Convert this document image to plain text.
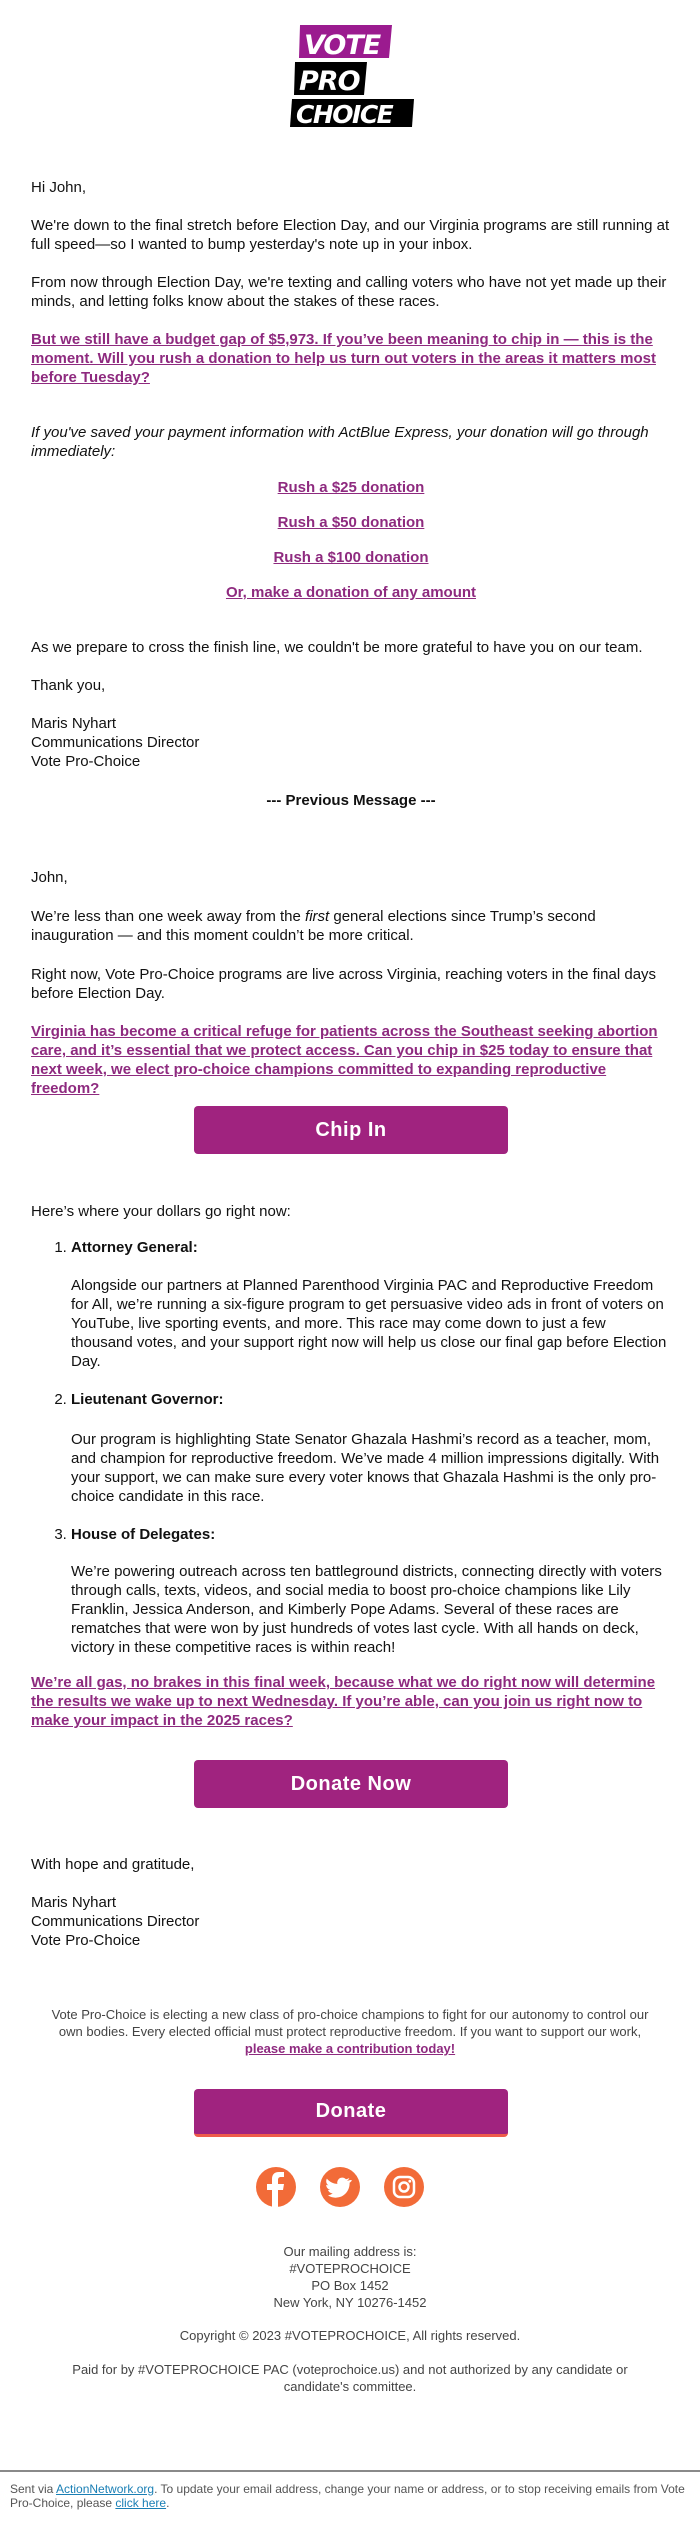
VOTE
PRO
CHOICE

Hi John,

We're down to the final stretch before Election Day, and our Virginia programs are still running at full speed—so I wanted to bump yesterday's note up in your inbox.

From now through Election Day, we're texting and calling voters who have not yet made up their minds, and letting folks know about the stakes of these races.

But we still have a budget gap of $5,973. If you’ve been meaning to chip in — this is the moment. Will you rush a donation to help us turn out voters in the areas it matters most before Tuesday?

If you've saved your payment information with ActBlue Express, your donation will go through immediately:

Rush a $25 donation

Rush a $50 donation

Rush a $100 donation

Or, make a donation of any amount

As we prepare to cross the finish line, we couldn't be more grateful to have you on our team.

Thank you,

Maris Nyhart

Communications Director

Vote Pro-Choice

--- Previous Message ---

John,

We’re less than one week away from the first general elections since Trump’s second inauguration — and this moment couldn’t be more critical.

Right now, Vote Pro-Choice programs are live across Virginia, reaching voters in the final days before Election Day.

Virginia has become a critical refuge for patients across the Southeast seeking abortion care, and it’s essential that we protect access. Can you chip in $25 today to ensure that next week, we elect pro-choice champions committed to expanding reproductive freedom?

Chip In

Here’s where your dollars go right now:

1. Attorney General:

Alongside our partners at Planned Parenthood Virginia PAC and Reproductive Freedom for All, we’re running a six-figure program to get persuasive video ads in front of voters on YouTube, live sporting events, and more. This race may come down to just a few thousand votes, and your support right now will help us close our final gap before Election Day.

2. Lieutenant Governor:

Our program is highlighting State Senator Ghazala Hashmi’s record as a teacher, mom, and champion for reproductive freedom. We’ve made 4 million impressions digitally. With your support, we can make sure every voter knows that Ghazala Hashmi is the only pro-choice candidate in this race.

3. House of Delegates:

We’re powering outreach across ten battleground districts, connecting directly with voters through calls, texts, videos, and social media to boost pro-choice champions like Lily Franklin, Jessica Anderson, and Kimberly Pope Adams. Several of these races are rematches that were won by just hundreds of votes last cycle. With all hands on deck, victory in these competitive races is within reach!

We’re all gas, no brakes in this final week, because what we do right now will determine the results we wake up to next Wednesday. If you’re able, can you join us right now to make your impact in the 2025 races?

Donate Now

With hope and gratitude,

Maris Nyhart

Communications Director

Vote Pro-Choice

Vote Pro-Choice is electing a new class of pro-choice champions to fight for our autonomy to control our own bodies. Every elected official must protect reproductive freedom. If you want to support our work, please make a contribution today!
Donate
Our mailing address is:
#VOTEPROCHOICE
PO Box 1452
New York, NY 10276-1452
Copyright © 2023 #VOTEPROCHOICE, All rights reserved.
Paid for by #VOTEPROCHOICE PAC (voteprochoice.us) and not authorized by any candidate or candidate's committee.
Sent via ActionNetwork.org. To update your email address, change your name or address, or to stop receiving emails from Vote Pro-Choice, please click here.
